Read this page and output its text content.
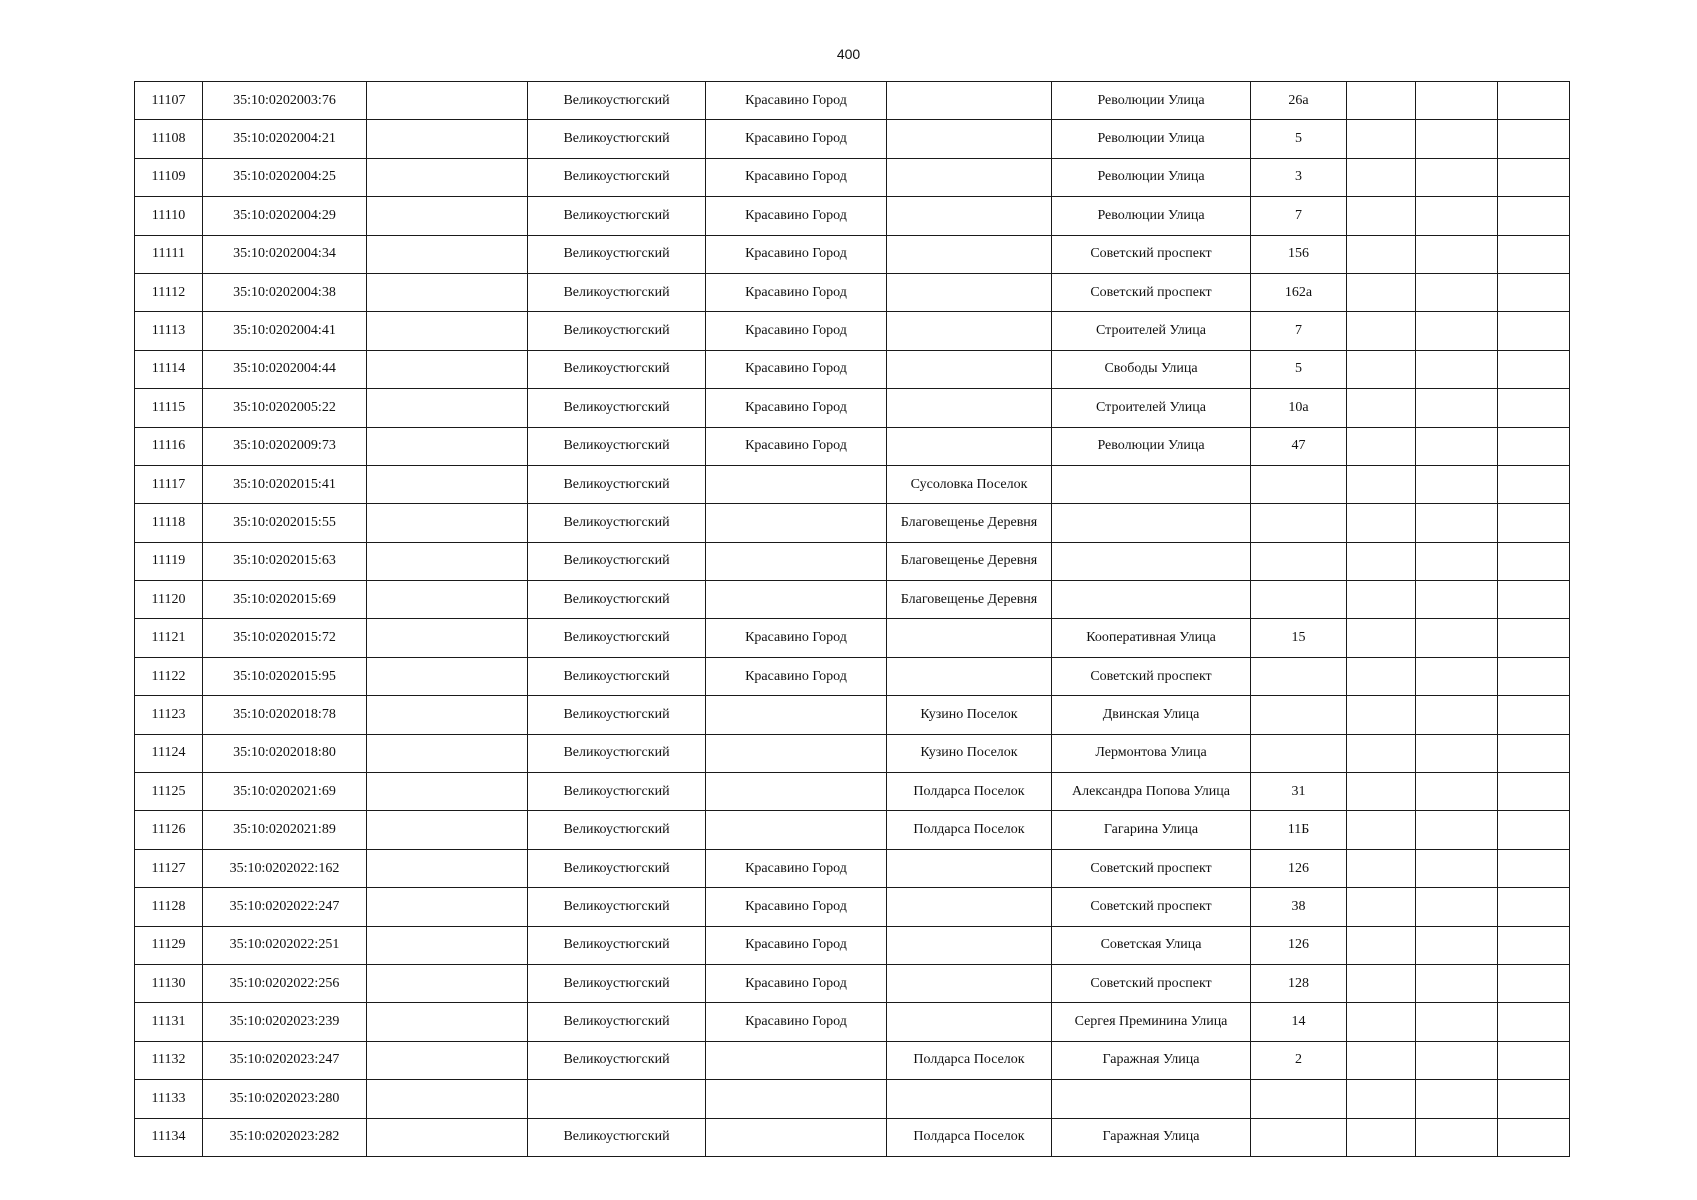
400
11107	35:10:0202003:76		Великоустюгский	Красавино Город		Революции Улица	26а			
11108	35:10:0202004:21		Великоустюгский	Красавино Город		Революции Улица	5			
11109	35:10:0202004:25		Великоустюгский	Красавино Город		Революции Улица	3			
11110	35:10:0202004:29		Великоустюгский	Красавино Город		Революции Улица	7			
11111	35:10:0202004:34		Великоустюгский	Красавино Город		Советский проспект	156			
11112	35:10:0202004:38		Великоустюгский	Красавино Город		Советский проспект	162а			
11113	35:10:0202004:41		Великоустюгский	Красавино Город		Строителей Улица	7			
11114	35:10:0202004:44		Великоустюгский	Красавино Город		Свободы Улица	5			
11115	35:10:0202005:22		Великоустюгский	Красавино Город		Строителей Улица	10а			
11116	35:10:0202009:73		Великоустюгский	Красавино Город		Революции Улица	47			
11117	35:10:0202015:41		Великоустюгский		Сусоловка Поселок					
11118	35:10:0202015:55		Великоустюгский		Благовещенье Деревня					
11119	35:10:0202015:63		Великоустюгский		Благовещенье Деревня					
11120	35:10:0202015:69		Великоустюгский		Благовещенье Деревня					
11121	35:10:0202015:72		Великоустюгский	Красавино Город		Кооперативная Улица	15			
11122	35:10:0202015:95		Великоустюгский	Красавино Город		Советский проспект				
11123	35:10:0202018:78		Великоустюгский		Кузино Поселок	Двинская Улица				
11124	35:10:0202018:80		Великоустюгский		Кузино Поселок	Лермонтова Улица				
11125	35:10:0202021:69		Великоустюгский		Полдарса Поселок	Александра Попова Улица	31			
11126	35:10:0202021:89		Великоустюгский		Полдарса Поселок	Гагарина Улица	11Б			
11127	35:10:0202022:162		Великоустюгский	Красавино Город		Советский проспект	126			
11128	35:10:0202022:247		Великоустюгский	Красавино Город		Советский проспект	38			
11129	35:10:0202022:251		Великоустюгский	Красавино Город		Советская Улица	126			
11130	35:10:0202022:256		Великоустюгский	Красавино Город		Советский проспект	128			
11131	35:10:0202023:239		Великоустюгский	Красавино Город		Сергея Преминина Улица	14			
11132	35:10:0202023:247		Великоустюгский		Полдарса Поселок	Гаражная Улица	2			
11133	35:10:0202023:280									
11134	35:10:0202023:282		Великоустюгский		Полдарса Поселок	Гаражная Улица				
